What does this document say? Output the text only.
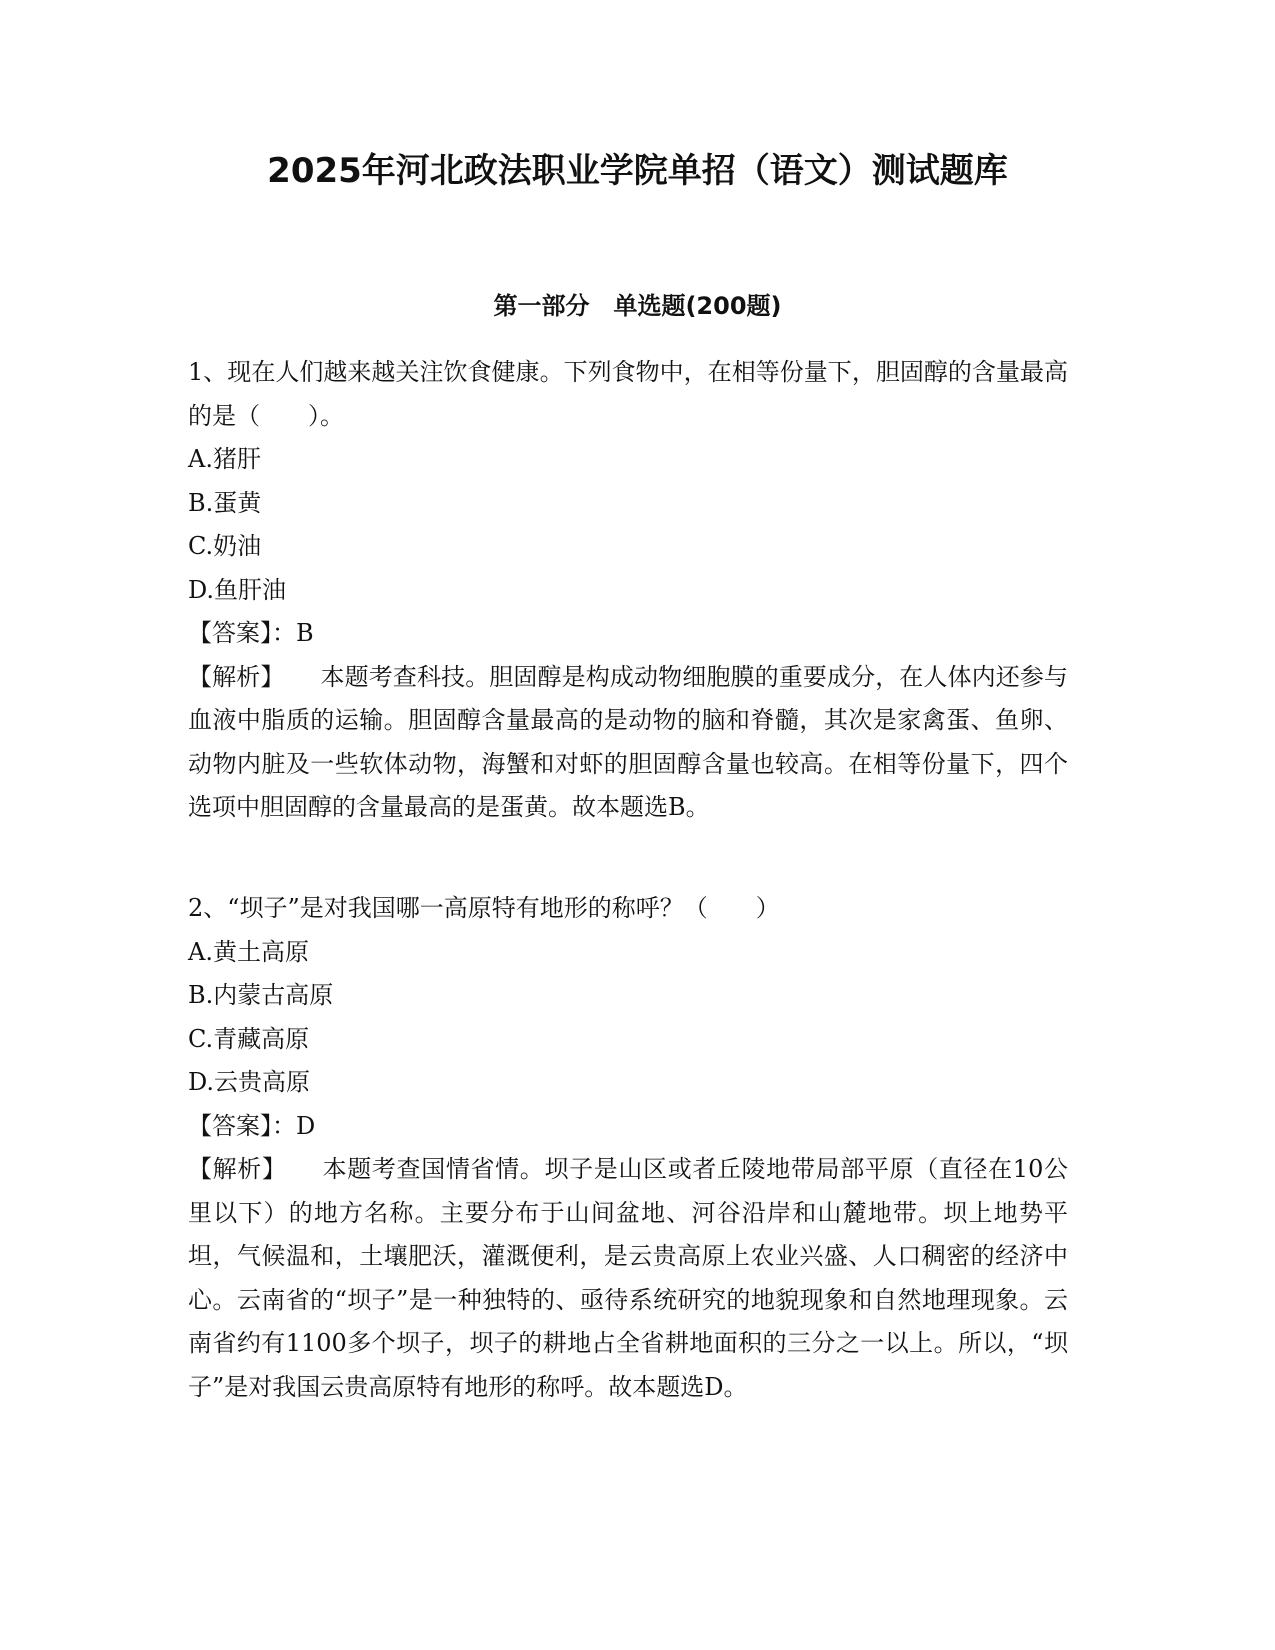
2025年河北政法职业学院单招（语文）测试题库
第一部分　单选题(200题)

1、现在人们越来越关注饮食健康。下列食物中，在相等份量下，胆固醇的含量最高的是（　　）。

A.猪肝

B.蛋黄

C.奶油

D.鱼肝油

【答案】：B

【解析】 本题考查科技。胆固醇是构成动物细胞膜的重要成分，在人体内还参与血液中脂质的运输。胆固醇含量最高的是动物的脑和脊髓，其次是家禽蛋、鱼卵、动物内脏及一些软体动物，海蟹和对虾的胆固醇含量也较高。在相等份量下，四个选项中胆固醇的含量最高的是蛋黄。故本题选B。

2、“坝子”是对我国哪一高原特有地形的称呼？（　　）

A.黄土高原

B.内蒙古高原

C.青藏高原

D.云贵高原

【答案】：D

【解析】 本题考查国情省情。坝子是山区或者丘陵地带局部平原（直径在10公里以下）的地方名称。主要分布于山间盆地、河谷沿岸和山麓地带。坝上地势平坦，气候温和，土壤肥沃，灌溉便利，是云贵高原上农业兴盛、人口稠密的经济中心。云南省的“坝子”是一种独特的、亟待系统研究的地貌现象和自然地理现象。云南省约有1100多个坝子，坝子的耕地占全省耕地面积的三分之一以上。所以，“坝子”是对我国云贵高原特有地形的称呼。故本题选D。
